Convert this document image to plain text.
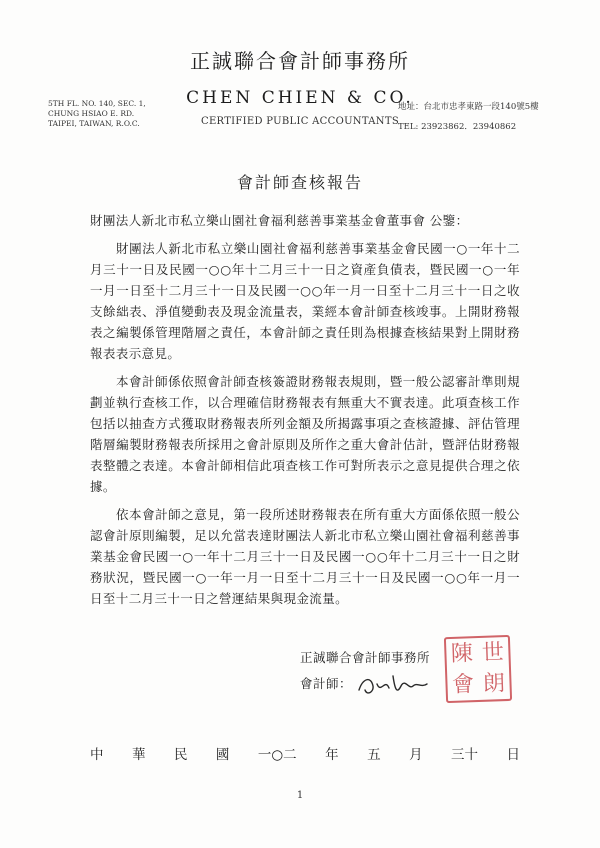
正誠聯合會計師事務所
CHEN CHIEN & CO.
CERTIFIED PUBLIC ACCOUNTANTS
5TH FL. NO. 140, SEC. 1,
CHUNG HSIAO E. RD.
TAIPEI, TAIWAN, R.O.C.
地址：台北市忠孝東路一段140號5樓
TEL: 23923862．23940862
會計師查核報告

財團法人新北市私立樂山園社會福利慈善事業基金會董事會 公鑒：

財團法人新北市私立樂山園社會福利慈善事業基金會民國一○一年十二月三十一日及民國一○○年十二月三十一日之資產負債表，暨民國一○一年一月一日至十二月三十一日及民國一○○年一月一日至十二月三十一日之收支餘絀表、淨值變動表及現金流量表，業經本會計師查核竣事。上開財務報表之編製係管理階層之責任，本會計師之責任則為根據查核結果對上開財務報表表示意見。

本會計師係依照會計師查核簽證財務報表規則，暨一般公認審計準則規劃並執行查核工作，以合理確信財務報表有無重大不實表達。此項查核工作包括以抽查方式獲取財務報表所列金額及所揭露事項之查核證據、評估管理階層編製財務報表所採用之會計原則及所作之重大會計估計，暨評估財務報表整體之表達。本會計師相信此項查核工作可對所表示之意見提供合理之依據。

依本會計師之意見，第一段所述財務報表在所有重大方面係依照一般公認會計原則編製，足以允當表達財團法人新北市私立樂山園社會福利慈善事業基金會民國一○一年十二月三十一日及民國一○○年十二月三十一日之財務狀況，暨民國一○一年一月一日至十二月三十一日及民國一○○年一月一日至十二月三十一日之營運結果與現金流量。

正誠聯合會計師事務所
會計師：
陳 世
會 朗
中 華 民 國 一○二 年 五 月 三十 日
1
